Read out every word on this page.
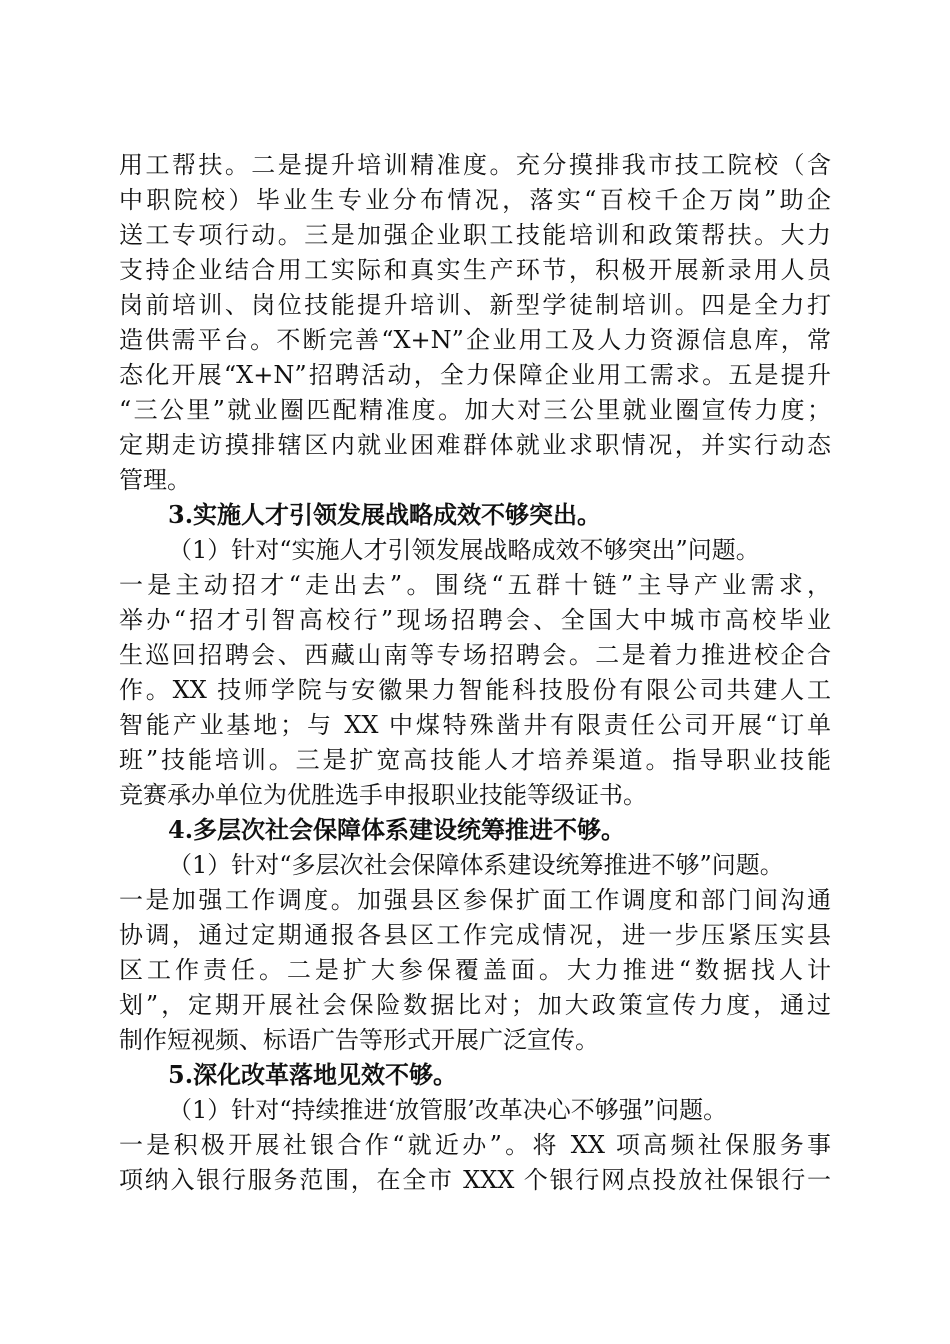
用工帮扶。二是提升培训精准度。充分摸排我市技工院校（含
中职院校）毕业生专业分布情况，落实“百校千企万岗”助企
送工专项行动。三是加强企业职工技能培训和政策帮扶。大力
支持企业结合用工实际和真实生产环节，积极开展新录用人员
岗前培训、岗位技能提升培训、新型学徒制培训。四是全力打
造供需平台。不断完善“X+N”企业用工及人力资源信息库，常
态化开展“X+N”招聘活动，全力保障企业用工需求。五是提升
“三公里”就业圈匹配精准度。加大对三公里就业圈宣传力度；
定期走访摸排辖区内就业困难群体就业求职情况，并实行动态
管理。
3.实施人才引领发展战略成效不够突出。
（1）针对“实施人才引领发展战略成效不够突出”问题。
一是主动招才“走出去”。围绕“五群十链”主导产业需求，
举办“招才引智高校行”现场招聘会、全国大中城市高校毕业
生巡回招聘会、西藏山南等专场招聘会。二是着力推进校企合
作。XX 技师学院与安徽果力智能科技股份有限公司共建人工
智能产业基地；与 XX 中煤特殊凿井有限责任公司开展“订单
班”技能培训。三是扩宽高技能人才培养渠道。指导职业技能
竞赛承办单位为优胜选手申报职业技能等级证书。
4.多层次社会保障体系建设统筹推进不够。
（1）针对“多层次社会保障体系建设统筹推进不够”问题。
一是加强工作调度。加强县区参保扩面工作调度和部门间沟通
协调，通过定期通报各县区工作完成情况，进一步压紧压实县
区工作责任。二是扩大参保覆盖面。大力推进“数据找人计
划”，定期开展社会保险数据比对；加大政策宣传力度，通过
制作短视频、标语广告等形式开展广泛宣传。
5.深化改革落地见效不够。
（1）针对“持续推进‘放管服’改革决心不够强”问题。
一是积极开展社银合作“就近办”。将 XX 项高频社保服务事
项纳入银行服务范围，在全市 XXX 个银行网点投放社保银行一
